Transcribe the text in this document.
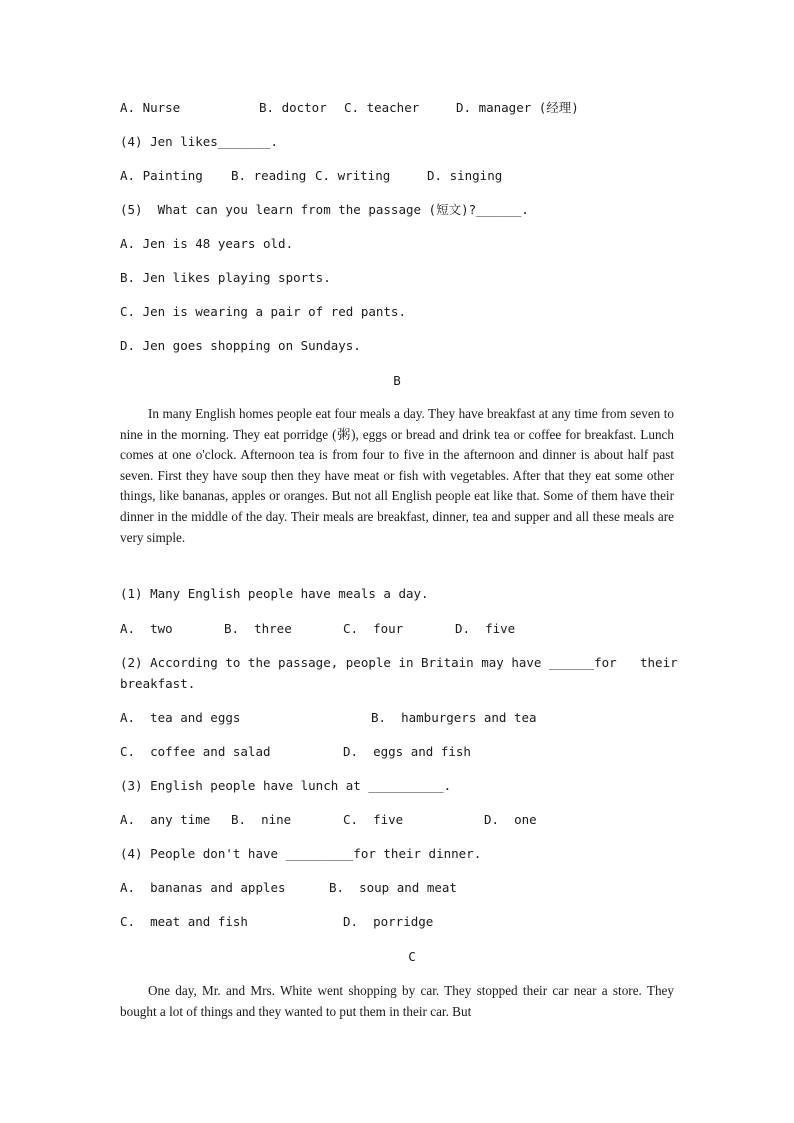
A. Nurse	B. doctor C. teacher	D. manager (经理)
(4) Jen likes_______.
A. Painting B. reading C. writing	D. singing
(5)  What can you learn from the passage (短文)?______.
A. Jen is 48 years old.
B. Jen likes playing sports.
C. Jen is wearing a pair of red pants.
D. Jen goes shopping on Sundays.
B

In many English homes people eat four meals a day. They have breakfast at any time from seven to nine in the morning. They eat porridge (粥), eggs or bread and drink tea or coffee for breakfast. Lunch comes at one o'clock. Afternoon tea is from four to five in the afternoon and dinner is about half past seven. First they have soup then they have meat or fish with vegetables. After that they eat some other things, like bananas, apples or oranges. But not all English people eat like that. Some of them have their dinner in the middle of the day. Their meals are breakfast, dinner, tea and supper and all these meals are very simple.

(1) Many English people have meals a day.
A.  two	B.  three	C.  four	D.  five
(2) According to the passage, people in Britain may have ______for their
breakfast.
A.  tea and eggs	B.  hamburgers and tea
C.  coffee and salad	D.  eggs and fish
(3) English people have lunch at __________.
A.  any time B.  nine	C.  five	D.  one
(4) People don't have _________for their dinner.
A.  bananas and apples	B.  soup and meat
C.  meat and fish	D.  porridge
C

One day, Mr. and Mrs. White went shopping by car. They stopped their car near a store. They bought a lot of things and they wanted to put them in their car. But
